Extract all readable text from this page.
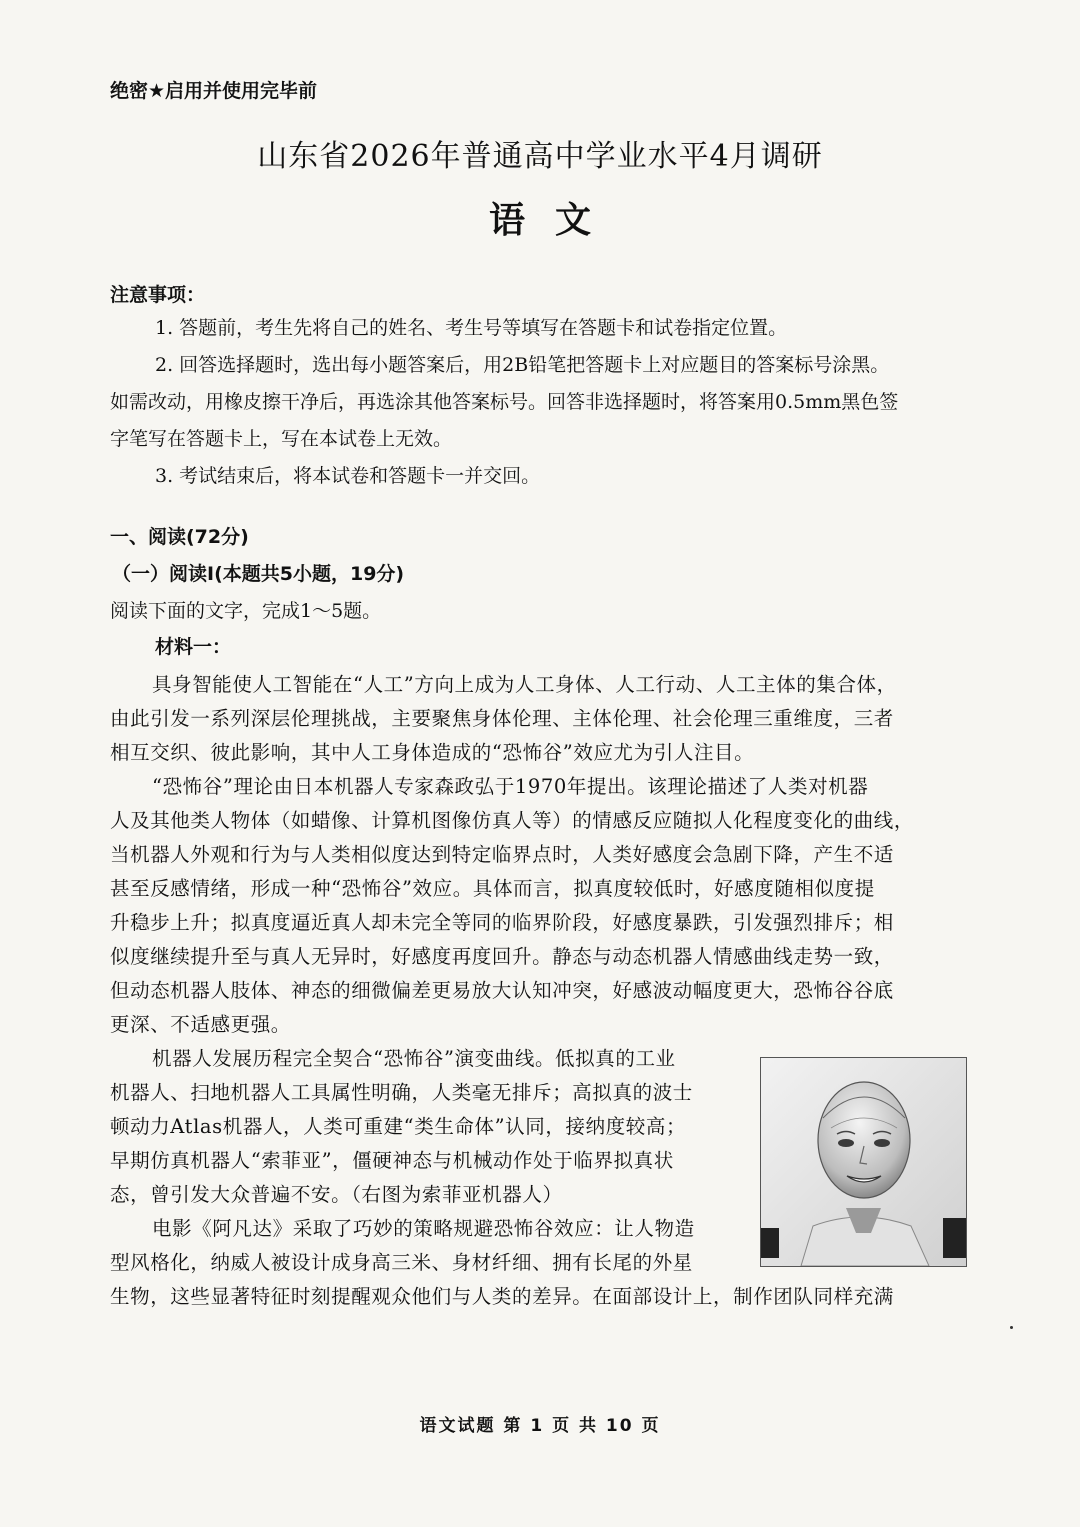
绝密★启用并使用完毕前
山东省2026年普通高中学业水平4月调研
语文
注意事项：
1. 答题前，考生先将自己的姓名、考生号等填写在答题卡和试卷指定位置。
2. 回答选择题时，选出每小题答案后，用2B铅笔把答题卡上对应题目的答案标号涂黑。
如需改动，用橡皮擦干净后，再选涂其他答案标号。回答非选择题时，将答案用0.5mm黑色签
字笔写在答题卡上，写在本试卷上无效。
3. 考试结束后，将本试卷和答题卡一并交回。
一、阅读(72分)
（一）阅读Ⅰ(本题共5小题，19分)
阅读下面的文字，完成1～5题。
材料一：
具身智能使人工智能在“人工”方向上成为人工身体、人工行动、人工主体的集合体，
由此引发一系列深层伦理挑战，主要聚焦身体伦理、主体伦理、社会伦理三重维度，三者
相互交织、彼此影响，其中人工身体造成的“恐怖谷”效应尤为引人注目。
“恐怖谷”理论由日本机器人专家森政弘于1970年提出。该理论描述了人类对机器
人及其他类人物体（如蜡像、计算机图像仿真人等）的情感反应随拟人化程度变化的曲线，
当机器人外观和行为与人类相似度达到特定临界点时，人类好感度会急剧下降，产生不适
甚至反感情绪，形成一种“恐怖谷”效应。具体而言，拟真度较低时，好感度随相似度提
升稳步上升；拟真度逼近真人却未完全等同的临界阶段，好感度暴跌，引发强烈排斥；相
似度继续提升至与真人无异时，好感度再度回升。静态与动态机器人情感曲线走势一致，
但动态机器人肢体、神态的细微偏差更易放大认知冲突，好感波动幅度更大，恐怖谷谷底
更深、不适感更强。
机器人发展历程完全契合“恐怖谷”演变曲线。低拟真的工业
机器人、扫地机器人工具属性明确，人类毫无排斥；高拟真的波士
顿动力Atlas机器人，人类可重建“类生命体”认同，接纳度较高；
早期仿真机器人“索菲亚”，僵硬神态与机械动作处于临界拟真状
态，曾引发大众普遍不安。（右图为索菲亚机器人）
电影《阿凡达》采取了巧妙的策略规避恐怖谷效应：让人物造
型风格化，纳威人被设计成身高三米、身材纤细、拥有长尾的外星
生物，这些显著特征时刻提醒观众他们与人类的差异。在面部设计上，制作团队同样充满
语文试题 第 1 页 共 10 页
